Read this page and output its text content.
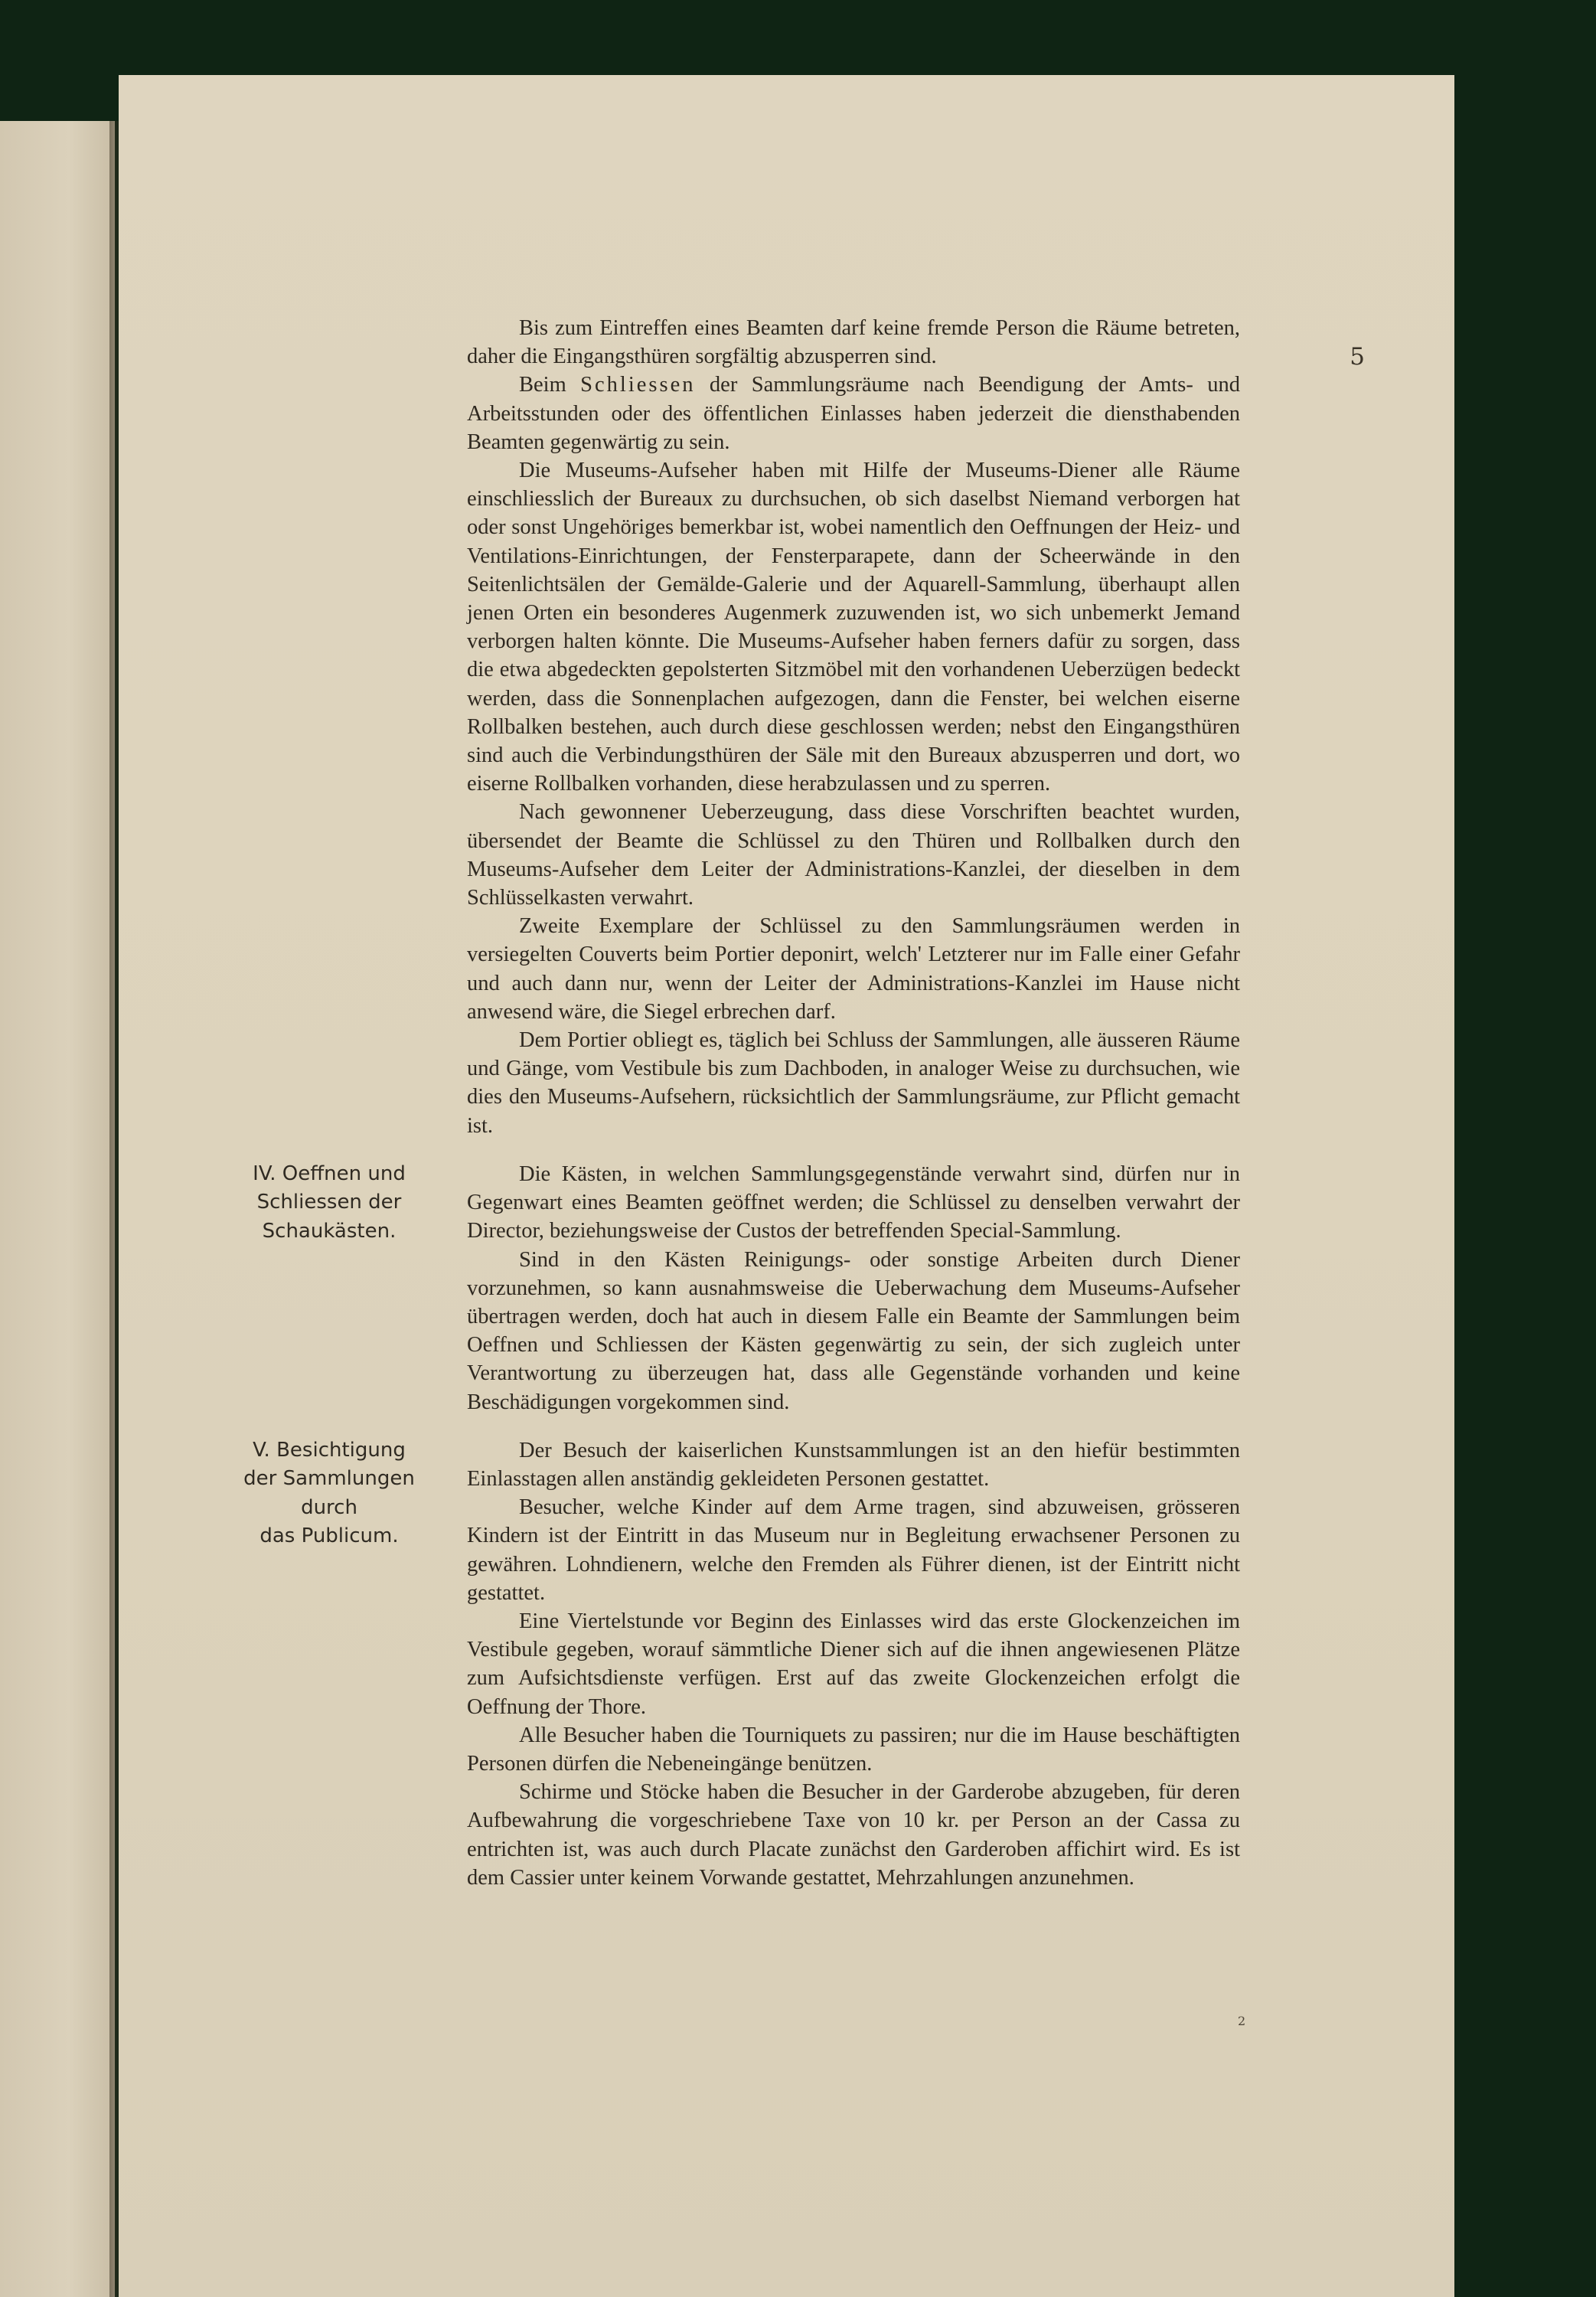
5
2

Bis zum Eintreffen eines Beamten darf keine fremde Person die Räume betreten, daher die Eingangsthüren sorgfältig abzusperren sind.

Beim Schliessen der Sammlungsräume nach Beendigung der Amts- und Arbeitsstunden oder des öffentlichen Einlasses haben jederzeit die diensthabenden Beamten gegenwärtig zu sein.

Die Museums-Aufseher haben mit Hilfe der Museums-Diener alle Räume einschliesslich der Bureaux zu durchsuchen, ob sich daselbst Niemand verborgen hat oder sonst Ungehöriges bemerkbar ist, wobei namentlich den Oeffnungen der Heiz- und Ventilations-Einrichtungen, der Fensterparapete, dann der Scheerwände in den Seitenlichtsälen der Gemälde-Galerie und der Aquarell-Sammlung, überhaupt allen jenen Orten ein besonderes Augenmerk zuzuwenden ist, wo sich unbemerkt Jemand verborgen halten könnte. Die Museums-Aufseher haben ferners dafür zu sorgen, dass die etwa abgedeckten gepolsterten Sitzmöbel mit den vorhandenen Ueberzügen bedeckt werden, dass die Sonnenplachen aufgezogen, dann die Fenster, bei welchen eiserne Rollbalken bestehen, auch durch diese geschlossen werden; nebst den Eingangsthüren sind auch die Verbindungsthüren der Säle mit den Bureaux abzusperren und dort, wo eiserne Rollbalken vorhanden, diese herabzulassen und zu sperren.

Nach gewonnener Ueberzeugung, dass diese Vorschriften beachtet wurden, übersendet der Beamte die Schlüssel zu den Thüren und Rollbalken durch den Museums-Aufseher dem Leiter der Administrations-Kanzlei, der dieselben in dem Schlüsselkasten verwahrt.

Zweite Exemplare der Schlüssel zu den Sammlungsräumen werden in versiegelten Couverts beim Portier deponirt, welch' Letzterer nur im Falle einer Gefahr und auch dann nur, wenn der Leiter der Administrations-Kanzlei im Hause nicht anwesend wäre, die Siegel erbrechen darf.

Dem Portier obliegt es, täglich bei Schluss der Sammlungen, alle äusseren Räume und Gänge, vom Vestibule bis zum Dachboden, in analoger Weise zu durchsuchen, wie dies den Museums-Aufsehern, rücksichtlich der Sammlungsräume, zur Pflicht gemacht ist.

IV. Oeffnen und
Schliessen der
Schaukästen.

Die Kästen, in welchen Sammlungsgegenstände verwahrt sind, dürfen nur in Gegenwart eines Beamten geöffnet werden; die Schlüssel zu denselben verwahrt der Director, beziehungsweise der Custos der betreffenden Special-Sammlung.

Sind in den Kästen Reinigungs- oder sonstige Arbeiten durch Diener vorzunehmen, so kann ausnahmsweise die Ueberwachung dem Museums-Aufseher übertragen werden, doch hat auch in diesem Falle ein Beamte der Sammlungen beim Oeffnen und Schliessen der Kästen gegenwärtig zu sein, der sich zugleich unter Verantwortung zu überzeugen hat, dass alle Gegenstände vorhanden und keine Beschädigungen vorgekommen sind.

V. Besichtigung
der Sammlungen
durch
das Publicum.

Der Besuch der kaiserlichen Kunstsammlungen ist an den hiefür bestimmten Einlasstagen allen anständig gekleideten Personen gestattet.

Besucher, welche Kinder auf dem Arme tragen, sind abzuweisen, grösseren Kindern ist der Eintritt in das Museum nur in Begleitung erwachsener Personen zu gewähren. Lohndienern, welche den Fremden als Führer dienen, ist der Eintritt nicht gestattet.

Eine Viertelstunde vor Beginn des Einlasses wird das erste Glockenzeichen im Vestibule gegeben, worauf sämmtliche Diener sich auf die ihnen angewiesenen Plätze zum Aufsichtsdienste verfügen. Erst auf das zweite Glockenzeichen erfolgt die Oeffnung der Thore.

Alle Besucher haben die Tourniquets zu passiren; nur die im Hause beschäftigten Personen dürfen die Nebeneingänge benützen.

Schirme und Stöcke haben die Besucher in der Garderobe abzugeben, für deren Aufbewahrung die vorgeschriebene Taxe von 10 kr. per Person an der Cassa zu entrichten ist, was auch durch Placate zunächst den Garderoben affichirt wird. Es ist dem Cassier unter keinem Vorwande gestattet, Mehrzahlungen anzunehmen.
